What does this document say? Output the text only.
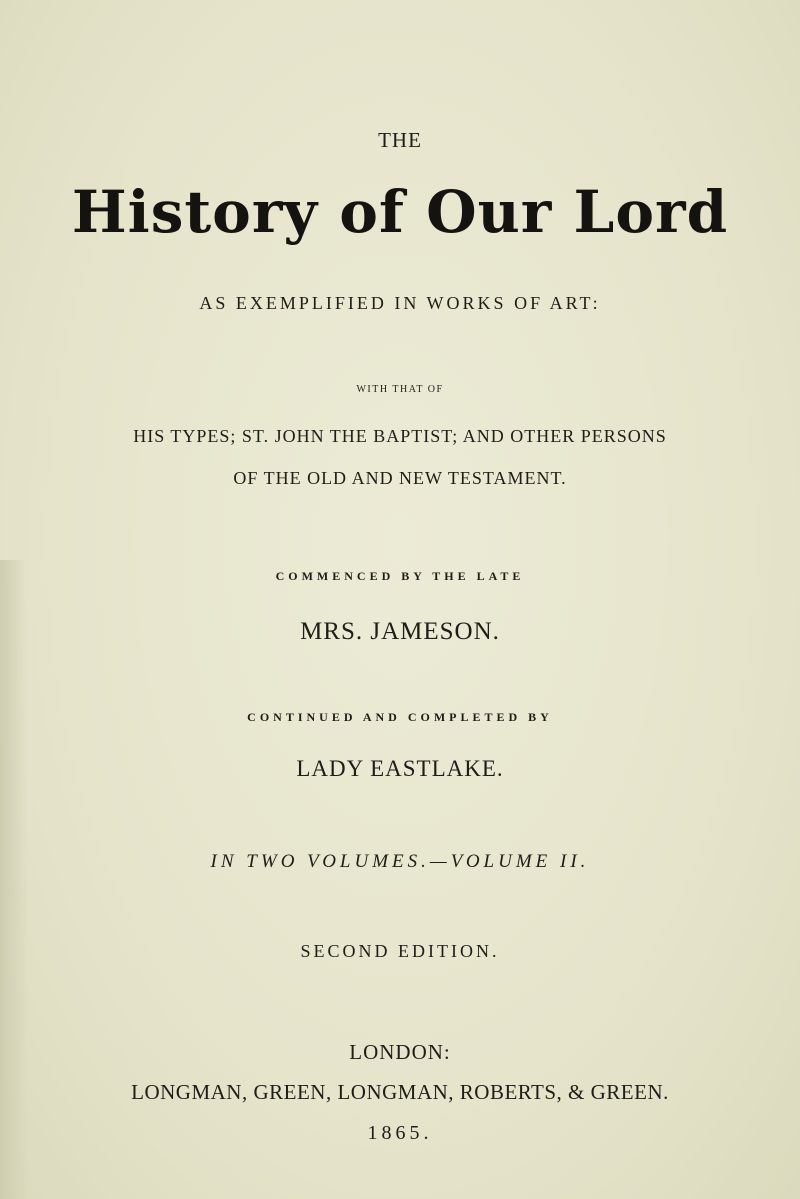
THE
History of Our Lord
AS EXEMPLIFIED IN WORKS OF ART:
WITH THAT OF
HIS TYPES; ST. JOHN THE BAPTIST; AND OTHER PERSONS
OF THE OLD AND NEW TESTAMENT.
COMMENCED BY THE LATE
MRS. JAMESON.
CONTINUED AND COMPLETED BY
LADY EASTLAKE.
IN TWO VOLUMES.—VOLUME II.
SECOND EDITION.
LONDON:
LONGMAN, GREEN, LONGMAN, ROBERTS, & GREEN.
1865.
